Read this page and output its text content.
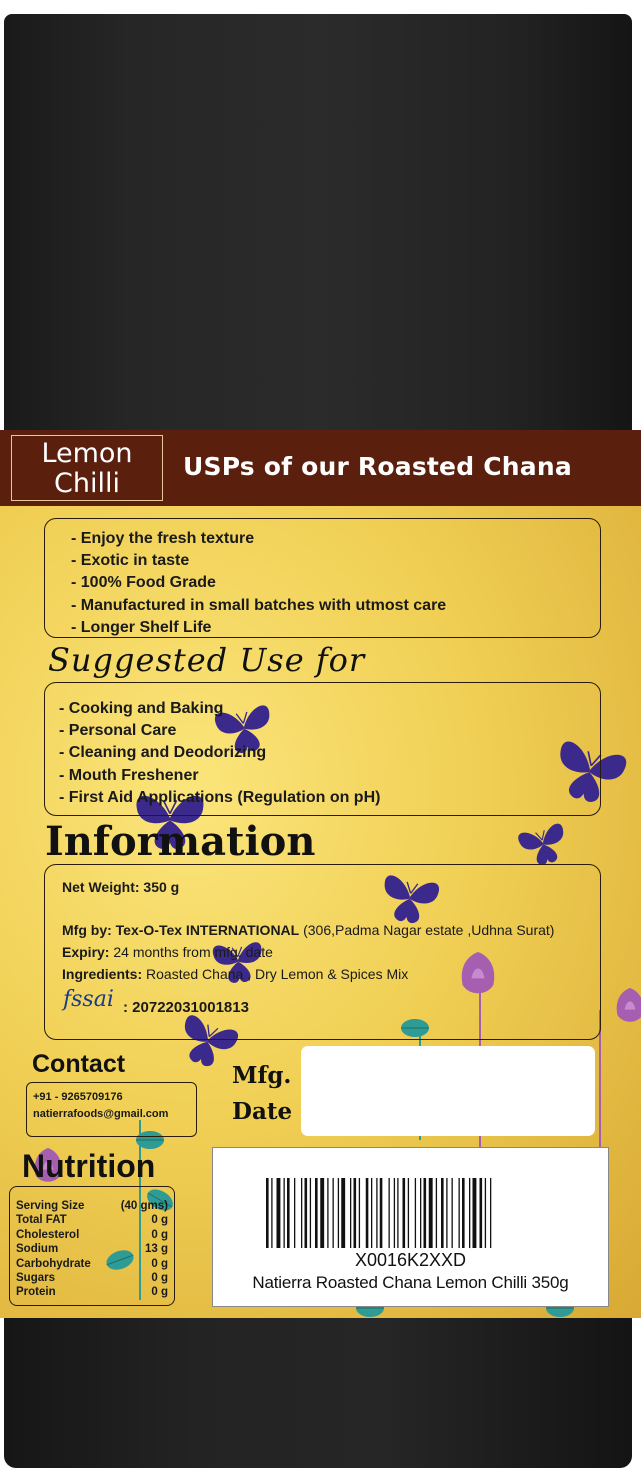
Lemon
Chilli
USPs of our Roasted Chana
- Enjoy the fresh texture
- Exotic in taste
- 100% Food Grade
- Manufactured in small batches with utmost care
- Longer Shelf Life
Suggested Use for
- Cooking and Baking
- Personal Care
- Cleaning and Deodorizing
- Mouth Freshener
- First Aid Applications (Regulation on pH)
Information
Net Weight: 350 g
Mfg by: Tex-O-Tex INTERNATIONAL (306,Padma Nagar estate ,Udhna Surat)
Expiry: 24 months from mfg. date
Ingredients: Roasted Chana , Dry Lemon & Spices Mix
fssai : 20722031001813
Contact
+91 - 9265709176
natierrafoods@gmail.com
Mfg.
Date
Nutrition
Serving Size	(40 gms)
Total FAT	0 g
Cholesterol	0 g
Sodium	13 g
Carbohydrate	0 g
Sugars	0 g
Protein	0 g
X0016K2XXD
Natierra Roasted Chana Lemon Chilli 350g
